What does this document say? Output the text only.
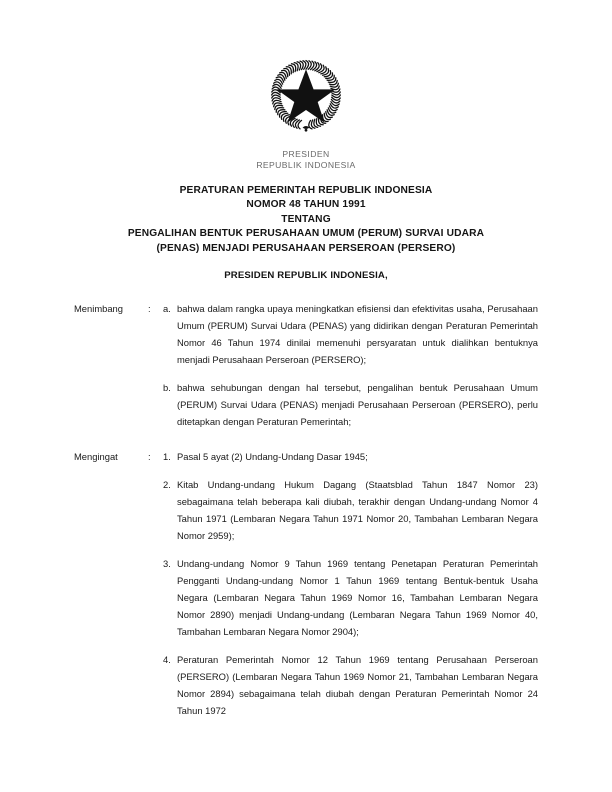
PRESIDEN
REPUBLIK INDONESIA
PERATURAN PEMERINTAH REPUBLIK INDONESIA
NOMOR 48 TAHUN 1991
TENTANG
PENGALIHAN BENTUK PERUSAHAAN UMUM (PERUM) SURVAI UDARA
(PENAS) MENJADI PERUSAHAAN PERSEROAN (PERSERO)
PRESIDEN REPUBLIK INDONESIA,
Menimbang	:	a. bahwa dalam rangka upaya meningkatkan efisiensi dan efektivitas usaha, Perusahaan Umum (PERUM) Survai Udara (PENAS) yang didirikan dengan Peraturan Pemerintah Nomor 46 Tahun 1974 dinilai memenuhi persyaratan untuk dialihkan bentuknya menjadi Perusahaan Perseroan (PERSERO);
b. bahwa sehubungan dengan hal tersebut, pengalihan bentuk Perusahaan Umum (PERUM) Survai Udara (PENAS) menjadi Perusahaan Perseroan (PERSERO), perlu ditetapkan dengan Peraturan Pemerintah;
Mengingat	:	1. Pasal 5 ayat (2) Undang-Undang Dasar 1945;
2. Kitab Undang-undang Hukum Dagang (Staatsblad Tahun 1847 Nomor 23) sebagaimana telah beberapa kali diubah, terakhir dengan Undang-undang Nomor 4 Tahun 1971 (Lembaran Negara Tahun 1971 Nomor 20, Tambahan Lembaran Negara Nomor 2959);
3. Undang-undang Nomor 9 Tahun 1969 tentang Penetapan Peraturan Pemerintah Pengganti Undang-undang Nomor 1 Tahun 1969 tentang Bentuk-bentuk Usaha Negara (Lembaran Negara Tahun 1969 Nomor 16, Tambahan Lembaran Negara Nomor 2890) menjadi Undang-undang (Lembaran Negara Tahun 1969 Nomor 40, Tambahan Lembaran Negara Nomor 2904);
4. Peraturan Pemerintah Nomor 12 Tahun 1969 tentang Perusahaan Perseroan (PERSERO) (Lembaran Negara Tahun 1969 Nomor 21, Tambahan Lembaran Negara Nomor 2894) sebagaimana telah diubah dengan Peraturan Pemerintah Nomor 24 Tahun 1972
